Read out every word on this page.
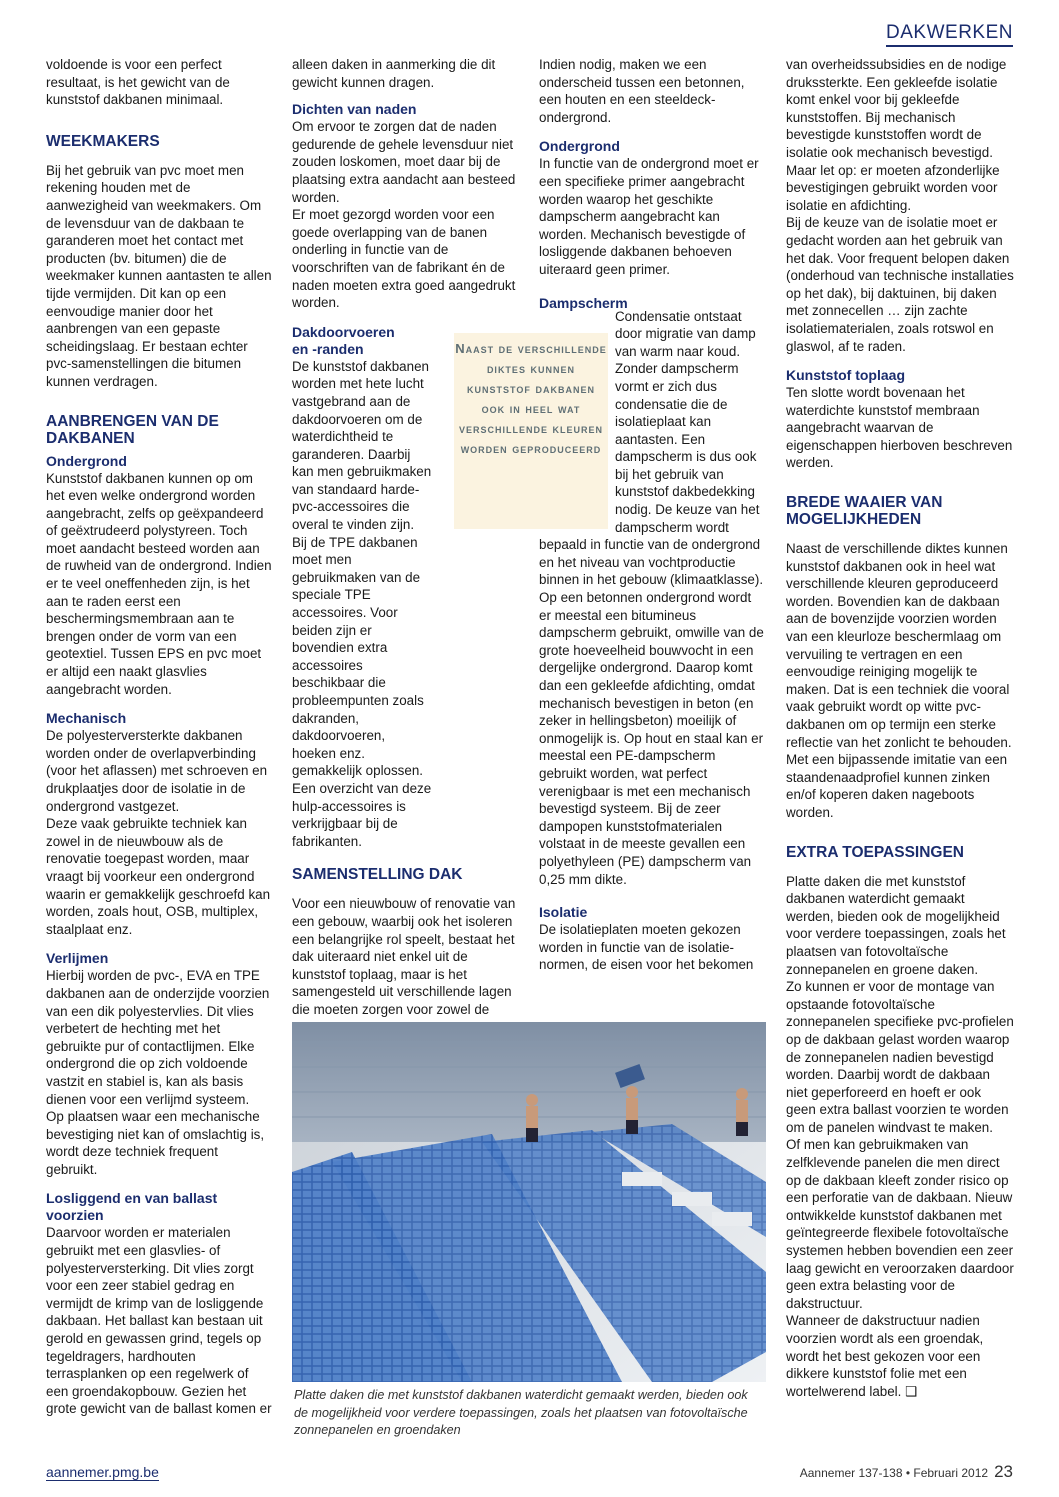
DAKWERKEN

voldoende is voor een perfect resultaat, is het gewicht van de kunststof dakbanen minimaal.

WEEKMAKERS

Bij het gebruik van pvc moet men rekening houden met de aanwezigheid van weekmakers. Om de levensduur van de dakbaan te garanderen moet het contact met producten (bv. bitumen) die de weekmaker kunnen aantasten te allen tijde vermijden. Dit kan op een eenvoudige manier door het aanbrengen van een gepaste scheidingslaag. Er bestaan echter pvc-samenstellingen die bitumen kunnen verdragen.

AANBRENGEN VAN DE DAKBANEN
Ondergrond

Kunststof dakbanen kunnen op om het even welke ondergrond worden aangebracht, zelfs op geëxpandeerd of geëxtrudeerd polystyreen. Toch moet aandacht besteed worden aan de ruwheid van de ondergrond. Indien er te veel oneffenheden zijn, is het aan te raden eerst een beschermingsmembraan aan te brengen onder de vorm van een geotextiel. Tussen EPS en pvc moet er altijd een naakt glasvlies aangebracht worden.

Mechanisch

De polyesterversterkte dakbanen worden onder de overlapverbinding (voor het aflassen) met schroeven en drukplaatjes door de isolatie in de ondergrond vastgezet.

Deze vaak gebruikte techniek kan zowel in de nieuwbouw als de renovatie toegepast worden, maar vraagt bij voorkeur een ondergrond waarin er gemakkelijk geschroefd kan worden, zoals hout, OSB, multiplex, staalplaat enz.

Verlijmen

Hierbij worden de pvc-, EVA en TPE dakbanen aan de onderzijde voorzien van een dik polyestervlies. Dit vlies verbetert de hechting met het gebruikte pur of contactlijmen. Elke ondergrond die op zich voldoende vastzit en stabiel is, kan als basis dienen voor een verlijmd systeem.

Op plaatsen waar een mechanische bevestiging niet kan of omslachtig is, wordt deze techniek frequent gebruikt.

Losliggend en van ballast voorzien

Daarvoor worden er materialen gebruikt met een glasvlies- of polyesterversterking. Dit vlies zorgt voor een zeer stabiel gedrag en vermijdt de krimp van de losliggende dakbaan. Het ballast kan bestaan uit gerold en gewassen grind, tegels op tegeldragers, hardhouten terrasplanken op een regelwerk of een groendakopbouw. Gezien het grote gewicht van de ballast komen er

alleen daken in aanmerking die dit gewicht kunnen dragen.

Dichten van naden

Om ervoor te zorgen dat de naden gedurende de gehele levensduur niet zouden loskomen, moet daar bij de plaatsing extra aandacht aan besteed worden.

Er moet gezorgd worden voor een goede overlapping van de banen onderling in functie van de voorschriften van de fabrikant én de naden moeten extra goed aangedrukt worden.

Dakdoorvoeren en -randen

De kunststof dakbanen worden met hete lucht vastgebrand aan de dakdoorvoeren om de waterdichtheid te garanderen. Daarbij kan men gebruikmaken van standaard harde-pvc-accessoires die overal te vinden zijn. Bij de TPE dakbanen moet men gebruikmaken van de speciale TPE accessoires. Voor beiden zijn er bovendien extra accessoires beschikbaar die probleempunten zoals dakranden, dakdoorvoeren, hoeken enz. gemakkelijk oplossen. Een overzicht van deze hulp-accessoires is verkrijgbaar bij de fabrikanten.

SAMENSTELLING DAK

Voor een nieuwbouw of renovatie van een gebouw, waarbij ook het isoleren een belangrijke rol speelt, bestaat het dak uiteraard niet enkel uit de kunststof toplaag, maar is het samengesteld uit verschillende lagen die moeten zorgen voor zowel de

Indien nodig, maken we een onderscheid tussen een betonnen, een houten en een steeldeck-ondergrond.

Ondergrond

In functie van de ondergrond moet er een specifieke primer aangebracht worden waarop het geschikte dampscherm aangebracht kan worden. Mechanisch bevestigde of losliggende dakbanen behoeven uiteraard geen primer.

Dampscherm

Condensatie ontstaat door migratie van damp van warm naar koud. Zonder dampscherm vormt er zich dus condensatie die de isolatieplaat kan aantasten. Een dampscherm is dus ook bij het gebruik van kunststof dakbedekking nodig. De keuze van het dampscherm wordt

bepaald in functie van de ondergrond en het niveau van vochtproductie binnen in het gebouw (klimaatklasse). Op een betonnen ondergrond wordt er meestal een bitumineus dampscherm gebruikt, omwille van de grote hoeveelheid bouwvocht in een dergelijke ondergrond. Daarop komt dan een gekleefde afdichting, omdat mechanisch bevestigen in beton (en zeker in hellingsbeton) moeilijk of onmogelijk is. Op hout en staal kan er meestal een PE-dampscherm gebruikt worden, wat perfect verenigbaar is met een mechanisch bevestigd systeem. Bij de zeer dampopen kunststofmaterialen volstaat in de meeste gevallen een polyethyleen (PE) dampscherm van 0,25 mm dikte.

Isolatie

De isolatieplaten moeten gekozen worden in functie van de isolatie-normen, de eisen voor het bekomen

van overheidssubsidies en de nodige drukssterkte. Een gekleefde isolatie komt enkel voor bij gekleefde kunststoffen. Bij mechanisch bevestigde kunststoffen wordt de isolatie ook mechanisch bevestigd. Maar let op: er moeten afzonderlijke bevestigingen gebruikt worden voor isolatie en afdichting.

Bij de keuze van de isolatie moet er gedacht worden aan het gebruik van het dak. Voor frequent belopen daken (onderhoud van technische installaties op het dak), bij daktuinen, bij daken met zonnecellen … zijn zachte isolatiematerialen, zoals rotswol en glaswol, af te raden.

Kunststof toplaag

Ten slotte wordt bovenaan het waterdichte kunststof membraan aangebracht waarvan de eigenschappen hierboven beschreven werden.

BREDE WAAIER VAN MOGELIJKHEDEN

Naast de verschillende diktes kunnen kunststof dakbanen ook in heel wat verschillende kleuren geproduceerd worden. Bovendien kan de dakbaan aan de bovenzijde voorzien worden van een kleurloze beschermlaag om vervuiling te vertragen en een eenvoudige reiniging mogelijk te maken. Dat is een techniek die vooral vaak gebruikt wordt op witte pvc-dakbanen om op termijn een sterke reflectie van het zonlicht te behouden. Met een bijpassende imitatie van een staandenaadprofiel kunnen zinken en/of koperen daken nageboots worden.

EXTRA TOEPASSINGEN

Platte daken die met kunststof dakbanen waterdicht gemaakt werden, bieden ook de mogelijkheid voor verdere toepassingen, zoals het plaatsen van fotovoltaïsche zonnepanelen en groene daken.

Zo kunnen er voor de montage van opstaande fotovoltaïsche zonnepanelen specifieke pvc-profielen op de dakbaan gelast worden waarop de zonnepanelen nadien bevestigd worden. Daarbij wordt de dakbaan niet geperforeerd en hoeft er ook geen extra ballast voorzien te worden om de panelen windvast te maken.

Of men kan gebruikmaken van zelfklevende panelen die men direct op de dakbaan kleeft zonder risico op een perforatie van de dakbaan. Nieuw ontwikkelde kunststof dakbanen met geïntegreerde flexibele fotovoltaïsche systemen hebben bovendien een zeer laag gewicht en veroorzaken daardoor geen extra belasting voor de dakstructuur.

Wanneer de dakstructuur nadien voorzien wordt als een groendak, wordt het best gekozen voor een dikkere kunststof folie met een wortelwerend label. ❑

Naast de verschillende diktes kunnen kunststof dakbanen ook in heel wat verschillende kleuren worden geproduceerd
Platte daken die met kunststof dakbanen waterdicht gemaakt werden, bieden ook de mogelijkheid voor verdere toepassingen, zoals het plaatsen van fotovoltaïsche zonnepanelen en groendaken
aannemer.pmg.be	Aannemer 137-138 • Februari 2012 23
